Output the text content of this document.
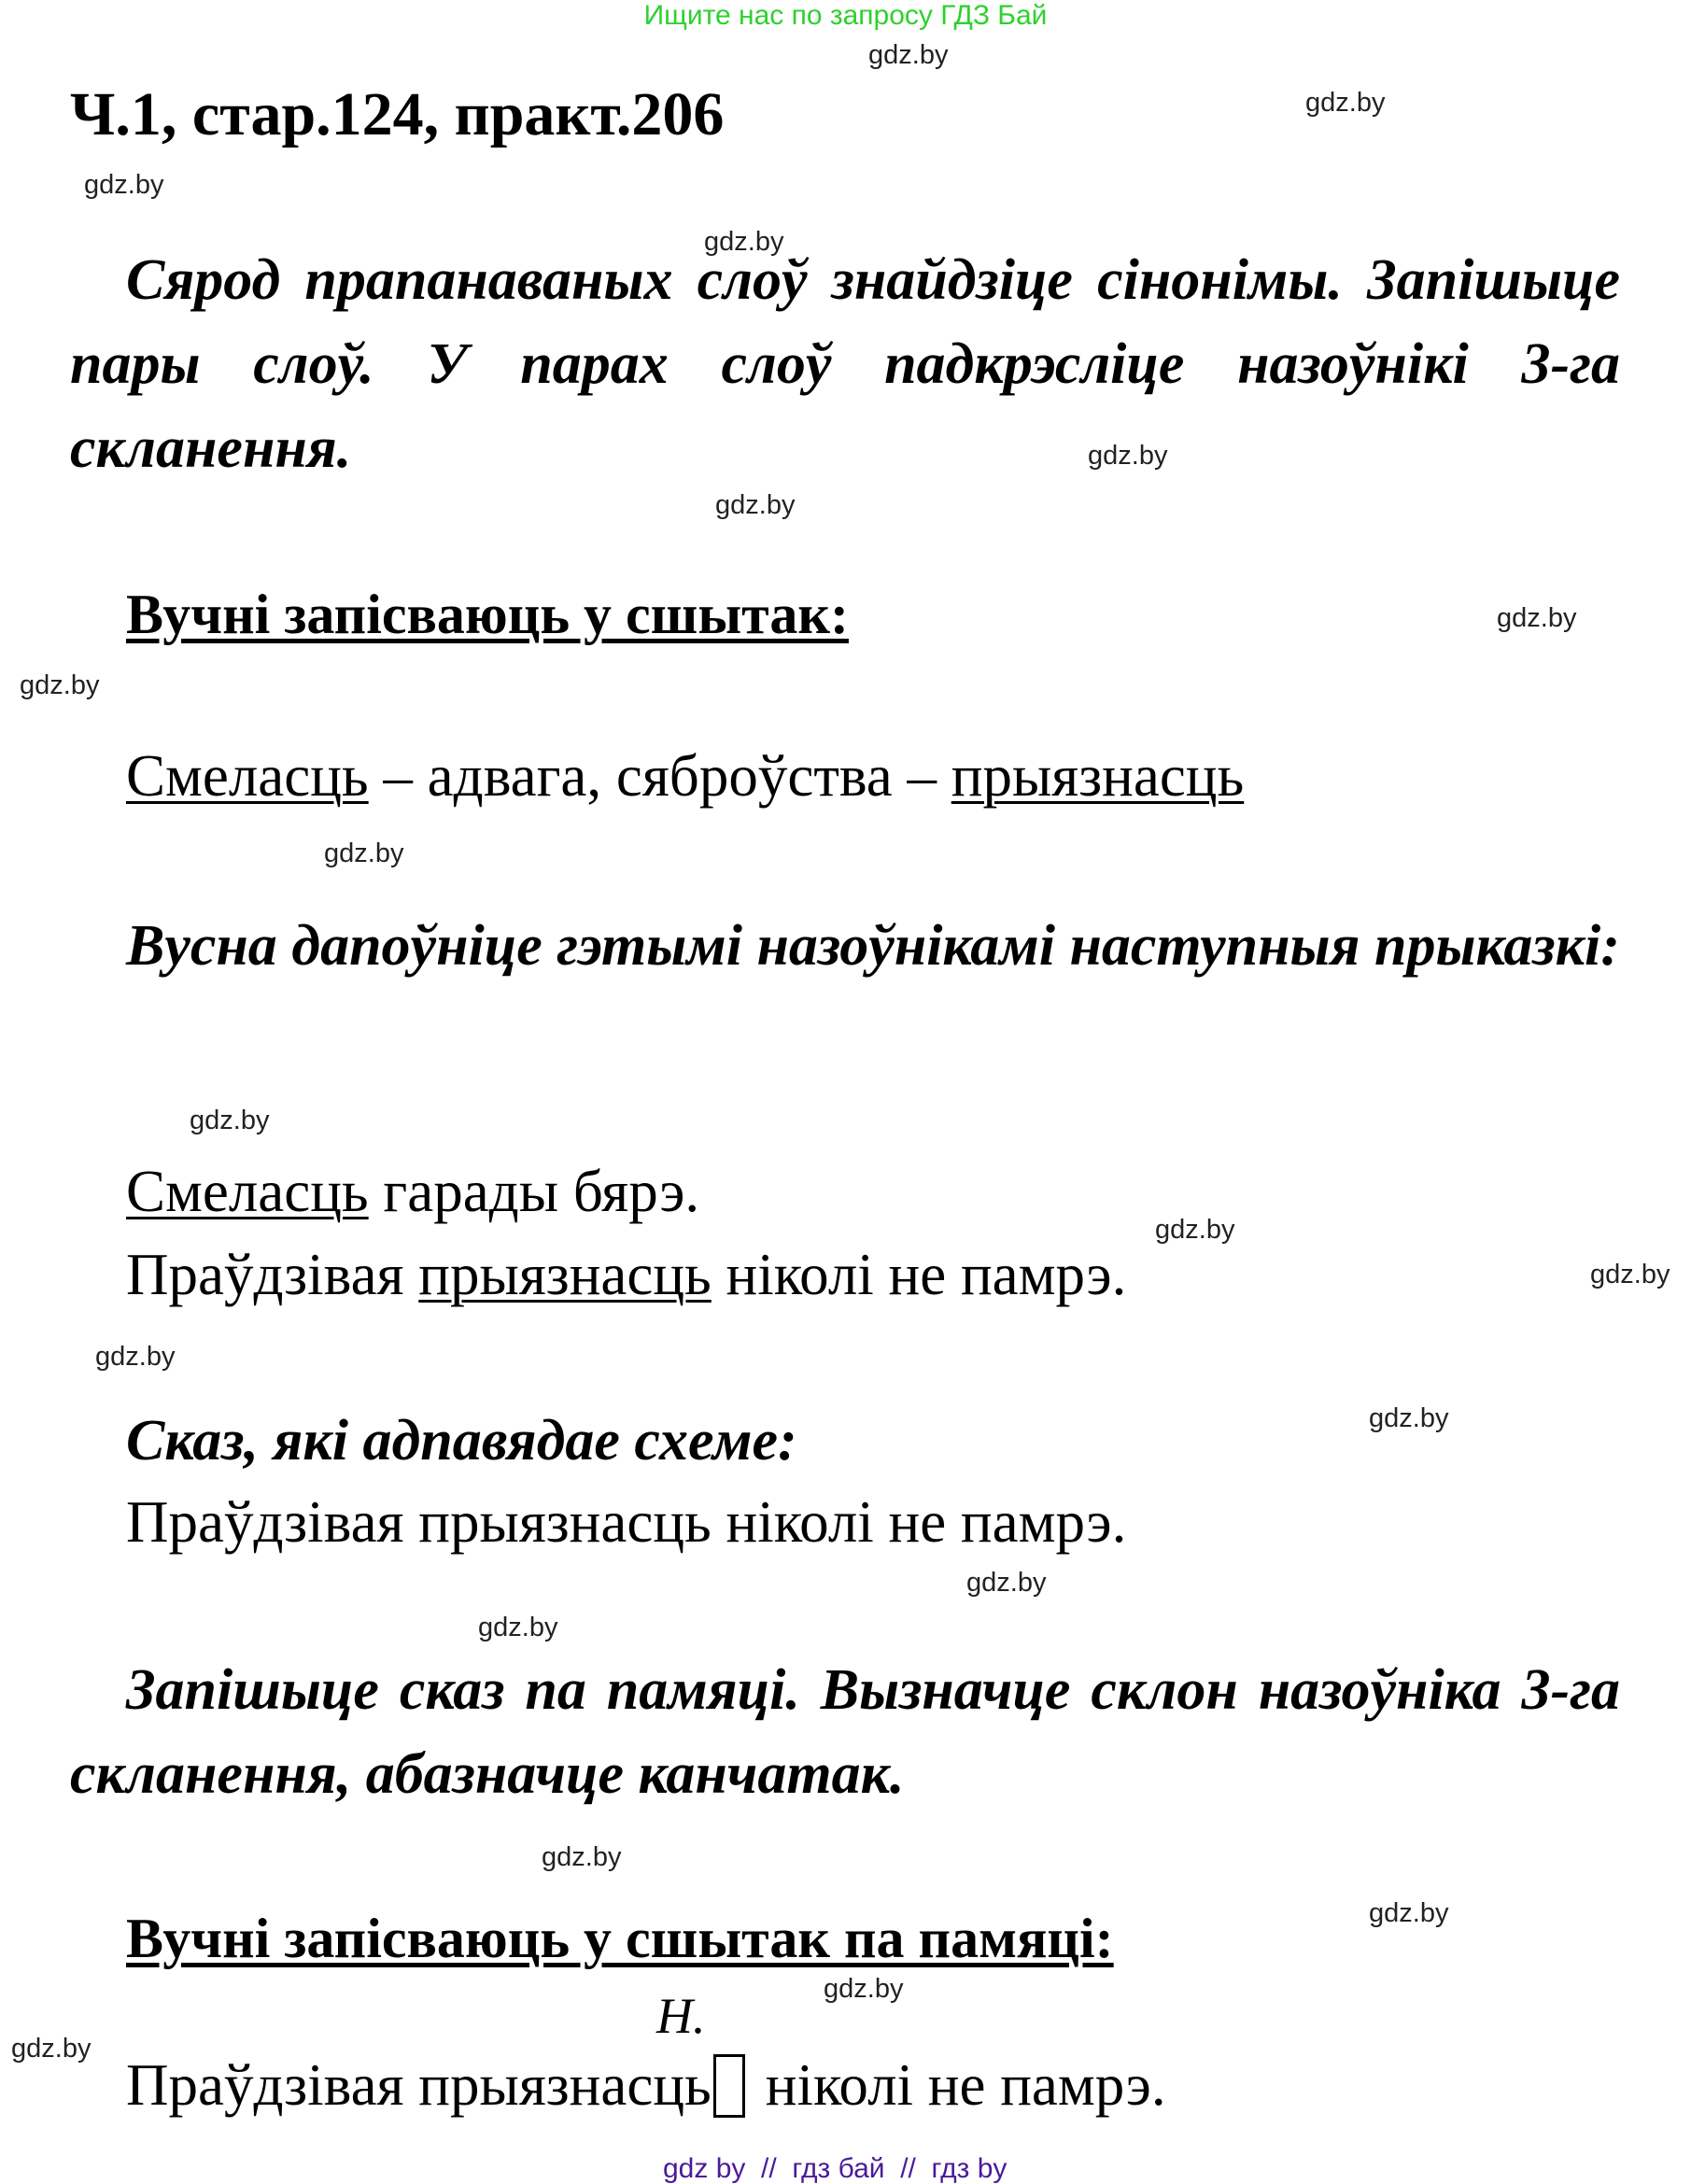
Ищите нас по запросу ГДЗ Бай
Ч.1, стар.124, практ.206
Сярод прапанаваных слоў знайдзіце сінонімы. Запішыце пары слоў. У парах слоў падкрэсліце назоўнікі 3-га скланення.
Вучні запісваюць у сшытак:
Смеласць – адвага, сяброўства – прыязнасць
Вусна дапоўніце гэтымі назоўнікамі наступныя прыказкі:
Смеласць гарады бярэ.
Праўдзівая прыязнасць ніколі не памрэ.
Сказ, які адпавядае схеме:
Праўдзівая прыязнасць ніколі не памрэ.
Запішыце сказ па памяці. Вызначце склон назоўніка 3-га скланення, абазначце канчатак.
Вучні запісваюць у сшытак па памяці:
Н.
Праўдзівая прыязнасць ніколі не памрэ.
gdz by  //  гдз бай  //  гдз by
gdz.by
gdz.by
gdz.by
gdz.by
gdz.by
gdz.by
gdz.by
gdz.by
gdz.by
gdz.by
gdz.by
gdz.by
gdz.by
gdz.by
gdz.by
gdz.by
gdz.by
gdz.by
gdz.by
gdz.by
